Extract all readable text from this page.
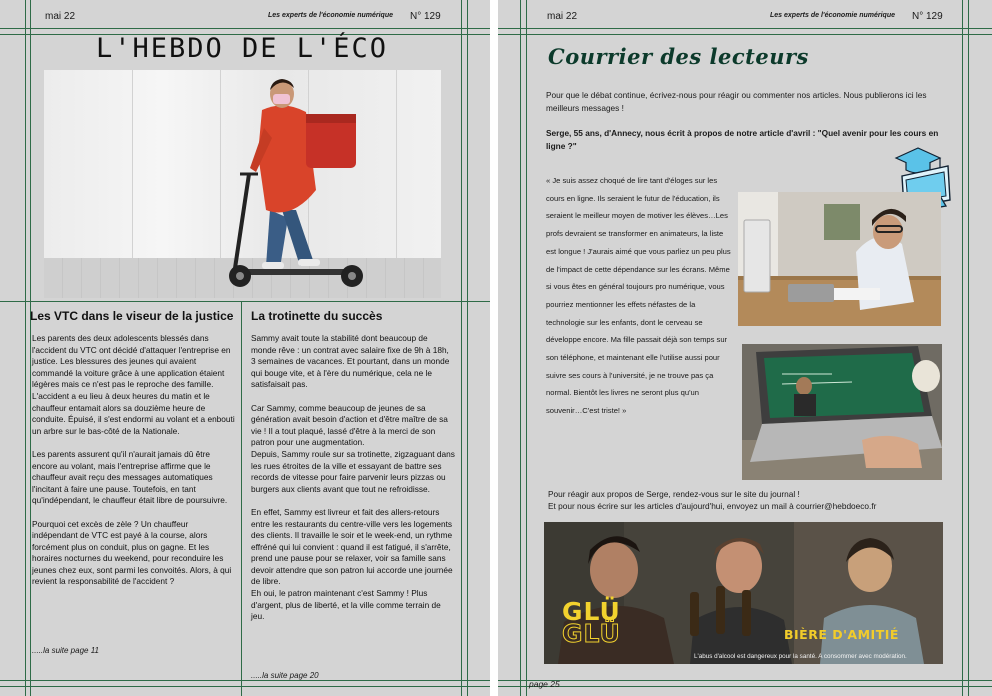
mai 22	Les experts de l'économie numérique N° 129
L'HEBDO DE L'ÉCO
Les VTC dans le viseur de la justice

Les parents des deux adolescents blessés dans l'accident du VTC ont décidé d'attaquer l'entreprise en justice. Les blessures des jeunes qui avaient commandé la voiture grâce à une application étaient légères mais ce n'est pas le reproche des famille. L'accident a eu lieu à deux heures du matin et le chauffeur entamait alors sa douzième heure de conduite. Épuisé, il s'est endormi au volant et a enbouti un arbre sur le bas-côté de la Nationale.

Les parents assurent qu'il n'aurait jamais dû être encore au volant, mais l'entreprise affirme que le chauffeur avait reçu des messages automatiques l'incitant à faire une pause. Toutefois, en tant qu'indépendant, le chauffeur était libre de poursuivre.

Pourquoi cet excès de zèle ? Un chauffeur indépendant de VTC est payé à la course, alors forcément plus on conduit, plus on gagne. Et les horaires nocturnes du weekend, pour reconduire les jeunes chez eux, sont parmi les convoités. Alors, à qui revient la responsabilité de l'accident ?

.....la suite page 11
La trotinette du succès

Sammy avait toute la stabilité dont beaucoup de monde rêve : un contrat avec salaire fixe de 9h à 18h, 3 semaines de vacances. Et pourtant, dans un monde qui bouge vite, et à l'ère du numérique, cela ne le satisfaisait pas.

Car Sammy, comme beaucoup de jeunes de sa génération avait besoin d'action et d'être maître de sa vie ! Il a tout plaqué, lassé d'être à la merci de son patron pour une augmentation.

Depuis, Sammy roule sur sa trotinette, zigzaguant dans les rues étroites de la ville et essayant de battre ses records de vitesse pour faire parvenir leurs pizzas ou burgers aux clients avant que tout ne refroidisse.

En effet, Sammy est livreur et fait des allers-retours entre les restaurants du centre-ville vers les logements des clients. Il travaille le soir et le week-end, un rythme effréné qui lui convient : quand il est fatigué, il s'arrête, prend une pause pour se relaxer, voir sa famille sans devoir attendre que son patron lui accorde une journée de libre.

Eh oui, le patron maintenant c'est Sammy ! Plus d'argent, plus de liberté, et la ville comme terrain de jeu.

.....la suite page 20
mai 22	Les experts de l'économie numérique N° 129
Courrier des lecteurs
Pour que le débat continue, écrivez-nous pour réagir ou commenter nos articles. Nous publierons ici les meilleurs messages !
Serge, 55 ans, d'Annecy, nous écrit à propos de notre article d'avril : "Quel avenir pour les cours en ligne ?"
« Je suis assez choqué de lire tant d'éloges sur les cours en ligne. Ils seraient le futur de l'éducation, ils seraient le meilleur moyen de motiver les élèves…Les profs devraient se transformer en animateurs, la liste est longue ! J'aurais aimé que vous parliez un peu plus de l'impact de cette dépendance sur les écrans. Même si vous êtes en général toujours pro numérique, vous pourriez mentionner les effets néfastes de la technologie sur les enfants, dont le cerveau se développe encore. Ma fille passait déjà son temps sur son téléphone, et maintenant elle l'utilise aussi pour suivre ses cours à l'université, je ne trouve pas ça normal. Bientôt les livres ne seront plus qu'un souvenir…C'est triste! »
Pour réagir aux propos de Serge, rendez-vous sur le site du journal !
Et pour nous écrire sur les articles d'aujourd'hui, envoyez un mail à courrier@hebdoeco.fr
GLÜ
GLÜ	BIÈRE D'AMITIÉ
L'abus d'alcool est dangereux pour la santé. A consommer avec modération.
page 25
